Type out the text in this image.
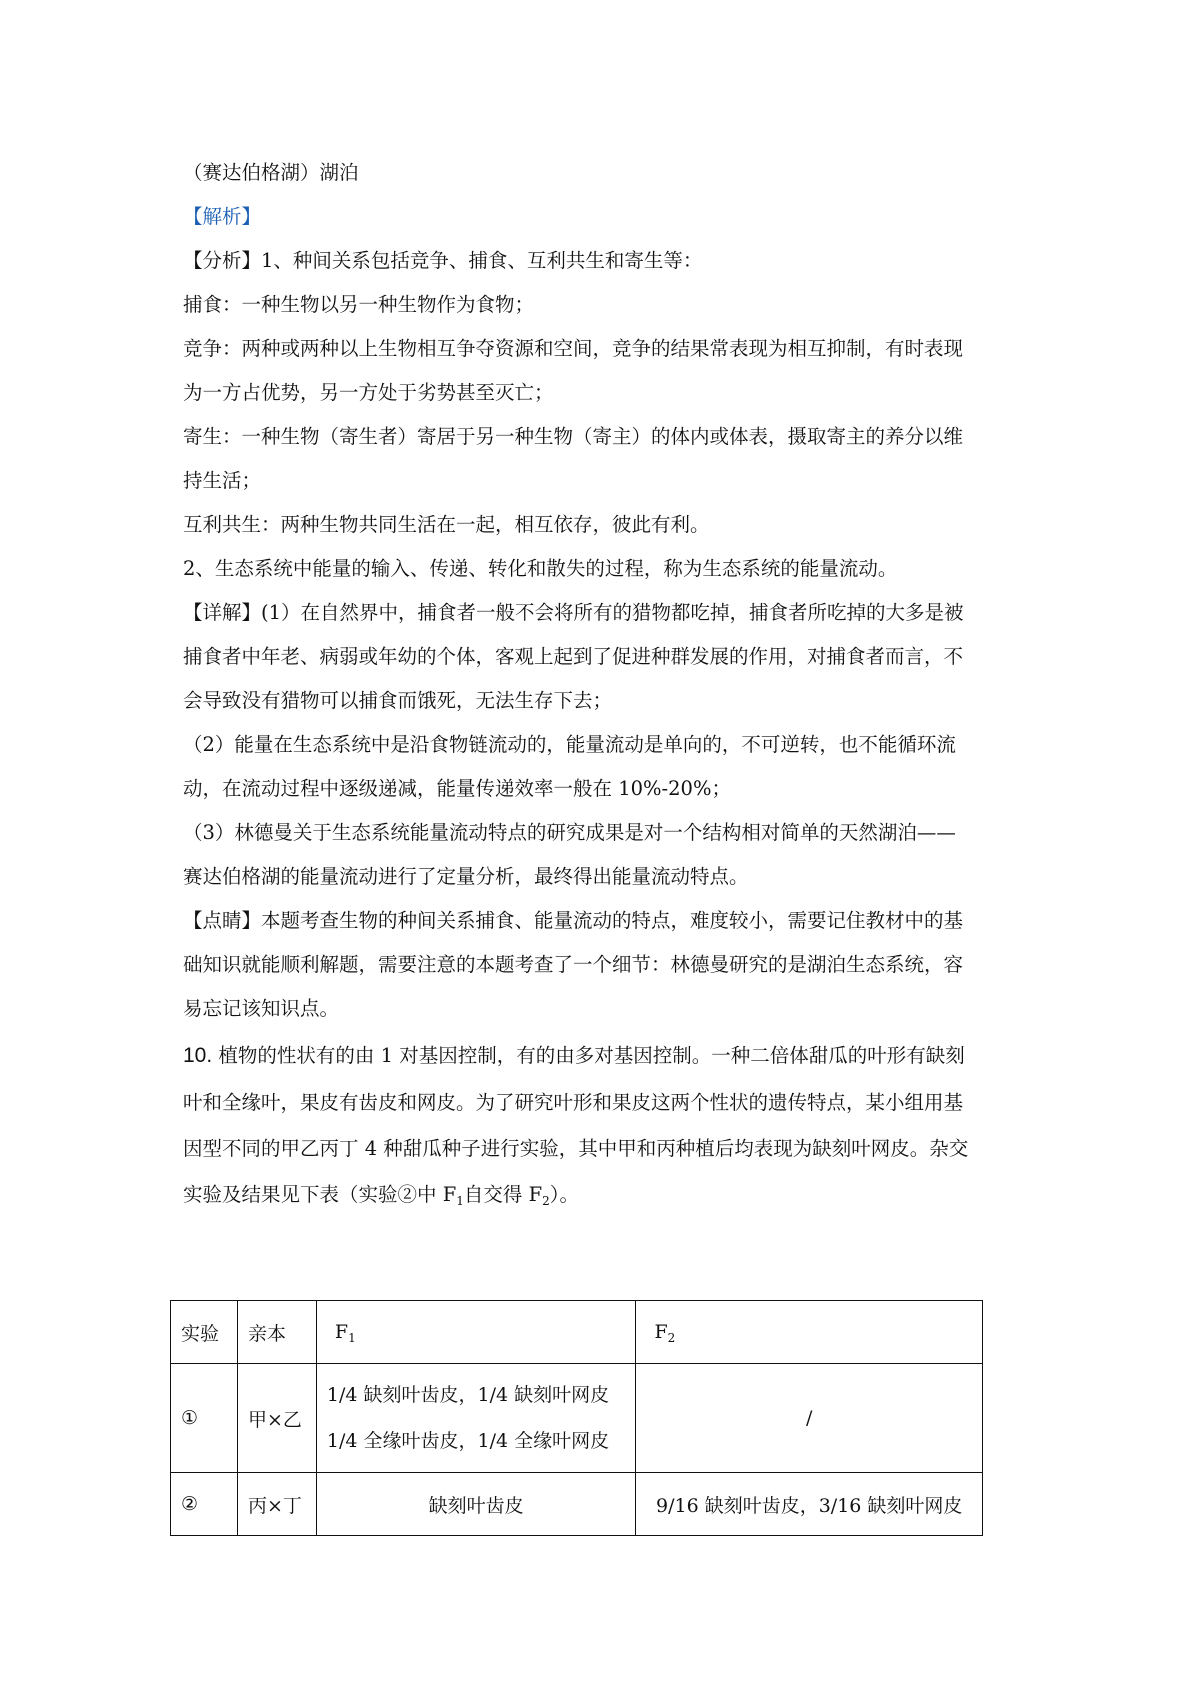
（赛达伯格湖）湖泊
【解析】
【分析】1、种间关系包括竞争、捕食、互利共生和寄生等：
捕食：一种生物以另一种生物作为食物；
竞争：两种或两种以上生物相互争夺资源和空间，竞争的结果常表现为相互抑制，有时表现
为一方占优势，另一方处于劣势甚至灭亡；
寄生：一种生物（寄生者）寄居于另一种生物（寄主）的体内或体表，摄取寄主的养分以维
持生活；
互利共生：两种生物共同生活在一起，相互依存，彼此有利。
2、生态系统中能量的输入、传递、转化和散失的过程，称为生态系统的能量流动。
【详解】(1）在自然界中，捕食者一般不会将所有的猎物都吃掉，捕食者所吃掉的大多是被
捕食者中年老、病弱或年幼的个体，客观上起到了促进种群发展的作用，对捕食者而言，不
会导致没有猎物可以捕食而饿死，无法生存下去；
（2）能量在生态系统中是沿食物链流动的，能量流动是单向的，不可逆转，也不能循环流
动，在流动过程中逐级递减，能量传递效率一般在 10%-20%；
（3）林德曼关于生态系统能量流动特点的研究成果是对一个结构相对简单的天然湖泊——
赛达伯格湖的能量流动进行了定量分析，最终得出能量流动特点。
【点睛】本题考查生物的种间关系捕食、能量流动的特点，难度较小，需要记住教材中的基
础知识就能顺利解题，需要注意的本题考查了一个细节：林德曼研究的是湖泊生态系统，容
易忘记该知识点。
10. 植物的性状有的由 1 对基因控制，有的由多对基因控制。一种二倍体甜瓜的叶形有缺刻
叶和全缘叶，果皮有齿皮和网皮。为了研究叶形和果皮这两个性状的遗传特点，某小组用基
因型不同的甲乙丙丁 4 种甜瓜种子进行实验，其中甲和丙种植后均表现为缺刻叶网皮。杂交
实验及结果见下表（实验②中 $F_1$自交得 $F_2$）。
实验	亲本	$F_1$	$F_2$
①	甲×乙	1/4 缺刻叶齿皮，1/4 缺刻叶网皮
1/4 全缘叶齿皮，1/4 全缘叶网皮	/
②	丙×丁	缺刻叶齿皮	9/16 缺刻叶齿皮，3/16 缺刻叶网皮
